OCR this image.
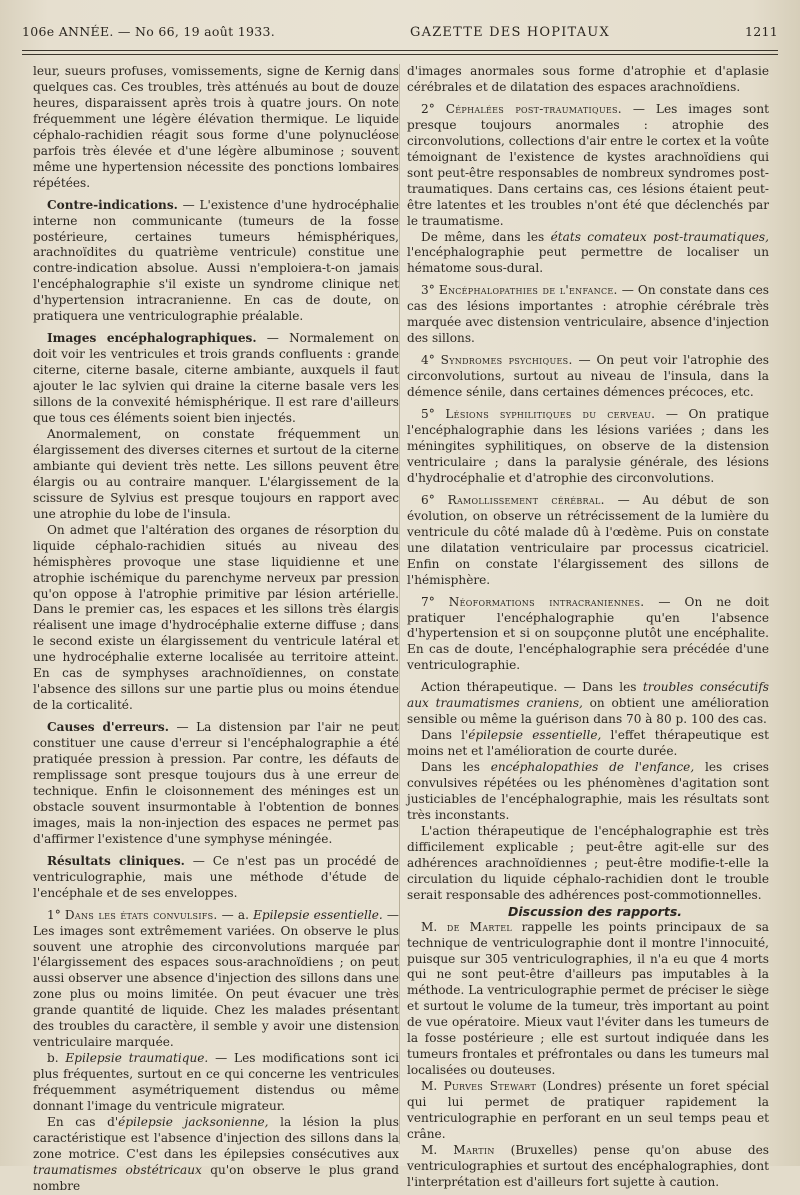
106e ANNÉE. — No 66, 19 août 1933.	GAZETTE DES HOPITAUX	1211

leur, sueurs profuses, vomissements, signe de Kernig dans quelques cas. Ces troubles, très atténués au bout de douze heures, disparaissent après trois à quatre jours. On note fréquemment une légère élévation thermique. Le liquide céphalo-rachidien réagit sous forme d'une polynucléose parfois très élevée et d'une légère albuminose ; souvent même une hypertension nécessite des ponctions lombaires répétées.

Contre-indications. — L'existence d'une hydrocéphalie interne non communicante (tumeurs de la fosse postérieure, certaines tumeurs hémisphériques, arachnoïdites du quatrième ventricule) constitue une contre-indication absolue. Aussi n'emploiera-t-on jamais l'encéphalographie s'il existe un syndrome clinique net d'hypertension intracranienne. En cas de doute, on pratiquera une ventriculographie préalable.

Images encéphalographiques. — Normalement on doit voir les ventricules et trois grands confluents : grande citerne, citerne basale, citerne ambiante, auxquels il faut ajouter le lac sylvien qui draine la citerne basale vers les sillons de la convexité hémisphérique. Il est rare d'ailleurs que tous ces éléments soient bien injectés.

Anormalement, on constate fréquemment un élargissement des diverses citernes et surtout de la citerne ambiante qui devient très nette. Les sillons peuvent être élargis ou au contraire manquer. L'élargissement de la scissure de Sylvius est presque toujours en rapport avec une atrophie du lobe de l'insula.

On admet que l'altération des organes de résorption du liquide céphalo-rachidien situés au niveau des hémisphères provoque une stase liquidienne et une atrophie ischémique du parenchyme nerveux par pression qu'on oppose à l'atrophie primitive par lésion artérielle. Dans le premier cas, les espaces et les sillons très élargis réalisent une image d'hydrocéphalie externe diffuse ; dans le second existe un élargissement du ventricule latéral et une hydrocéphalie externe localisée au territoire atteint. En cas de symphyses arachnoïdiennes, on constate l'absence des sillons sur une partie plus ou moins étendue de la corticalité.

Causes d'erreurs. — La distension par l'air ne peut constituer une cause d'erreur si l'encéphalographie a été pratiquée pression à pression. Par contre, les défauts de remplissage sont presque toujours dus à une erreur de technique. Enfin le cloisonnement des méninges est un obstacle souvent insurmontable à l'obtention de bonnes images, mais la non-injection des espaces ne permet pas d'affirmer l'existence d'une symphyse méningée.

Résultats cliniques. — Ce n'est pas un procédé de ventriculographie, mais une méthode d'étude de l'encéphale et de ses enveloppes.

1° Dans les états convulsifs. — a. Epilepsie essentielle. — Les images sont extrêmement variées. On observe le plus souvent une atrophie des circonvolutions marquée par l'élargissement des espaces sous-arachnoïdiens ; on peut aussi observer une absence d'injection des sillons dans une zone plus ou moins limitée. On peut évacuer une très grande quantité de liquide. Chez les malades présentant des troubles du caractère, il semble y avoir une distension ventriculaire marquée.

b. Epilepsie traumatique. — Les modifications sont ici plus fréquentes, surtout en ce qui concerne les ventricules fréquemment asymétriquement distendus ou même donnant l'image du ventricule migrateur.

En cas d'épilepsie jacksonienne, la lésion la plus caractéristique est l'absence d'injection des sillons dans la zone motrice. C'est dans les épilepsies consécutives aux traumatismes obstétricaux qu'on observe le plus grand nombre

d'images anormales sous forme d'atrophie et d'aplasie cérébrales et de dilatation des espaces arachnoïdiens.

2° Céphalées post-traumatiques. — Les images sont presque toujours anormales : atrophie des circonvolutions, collections d'air entre le cortex et la voûte témoignant de l'existence de kystes arachnoïdiens qui sont peut-être responsables de nombreux syndromes post-traumatiques. Dans certains cas, ces lésions étaient peut-être latentes et les troubles n'ont été que déclenchés par le traumatisme.

De même, dans les états comateux post-traumatiques, l'encéphalographie peut permettre de localiser un hématome sous-dural.

3° Encéphalopathies de l'enfance. — On constate dans ces cas des lésions importantes : atrophie cérébrale très marquée avec distension ventriculaire, absence d'injection des sillons.

4° Syndromes psychiques. — On peut voir l'atrophie des circonvolutions, surtout au niveau de l'insula, dans la démence sénile, dans certaines démences précoces, etc.

5° Lésions syphilitiques du cerveau. — On pratique l'encéphalographie dans les lésions variées ; dans les méningites syphilitiques, on observe de la distension ventriculaire ; dans la paralysie générale, des lésions d'hydrocéphalie et d'atrophie des circonvolutions.

6° Ramollissement cérébral. — Au début de son évolution, on observe un rétrécissement de la lumière du ventricule du côté malade dû à l'œdème. Puis on constate une dilatation ventriculaire par processus cicatriciel. Enfin on constate l'élargissement des sillons de l'hémisphère.

7° Néoformations intracraniennes. — On ne doit pratiquer l'encéphalographie qu'en l'absence d'hypertension et si on soupçonne plutôt une encéphalite. En cas de doute, l'encéphalographie sera précédée d'une ventriculographie.

Action thérapeutique. — Dans les troubles consécutifs aux traumatismes craniens, on obtient une amélioration sensible ou même la guérison dans 70 à 80 p. 100 des cas.

Dans l'épilepsie essentielle, l'effet thérapeutique est moins net et l'amélioration de courte durée.

Dans les encéphalopathies de l'enfance, les crises convulsives répétées ou les phénomènes d'agitation sont justiciables de l'encéphalographie, mais les résultats sont très inconstants.

L'action thérapeutique de l'encéphalographie est très difficilement explicable ; peut-être agit-elle sur des adhérences arachnoïdiennes ; peut-être modifie-t-elle la circulation du liquide céphalo-rachidien dont le trouble serait responsable des adhérences post-commotionnelles.

Discussion des rapports.

M. de Martel rappelle les points principaux de sa technique de ventriculographie dont il montre l'innocuité, puisque sur 305 ventriculographies, il n'a eu que 4 morts qui ne sont peut-être d'ailleurs pas imputables à la méthode. La ventriculographie permet de préciser le siège et surtout le volume de la tumeur, très important au point de vue opératoire. Mieux vaut l'éviter dans les tumeurs de la fosse postérieure ; elle est surtout indiquée dans les tumeurs frontales et préfrontales ou dans les tumeurs mal localisées ou douteuses.

M. Purves Stewart (Londres) présente un foret spécial qui lui permet de pratiquer rapidement la ventriculographie en perforant en un seul temps peau et crâne.

M. Martin (Bruxelles) pense qu'on abuse des ventriculographies et surtout des encéphalographies, dont l'interprétation est d'ailleurs fort sujette à caution.
